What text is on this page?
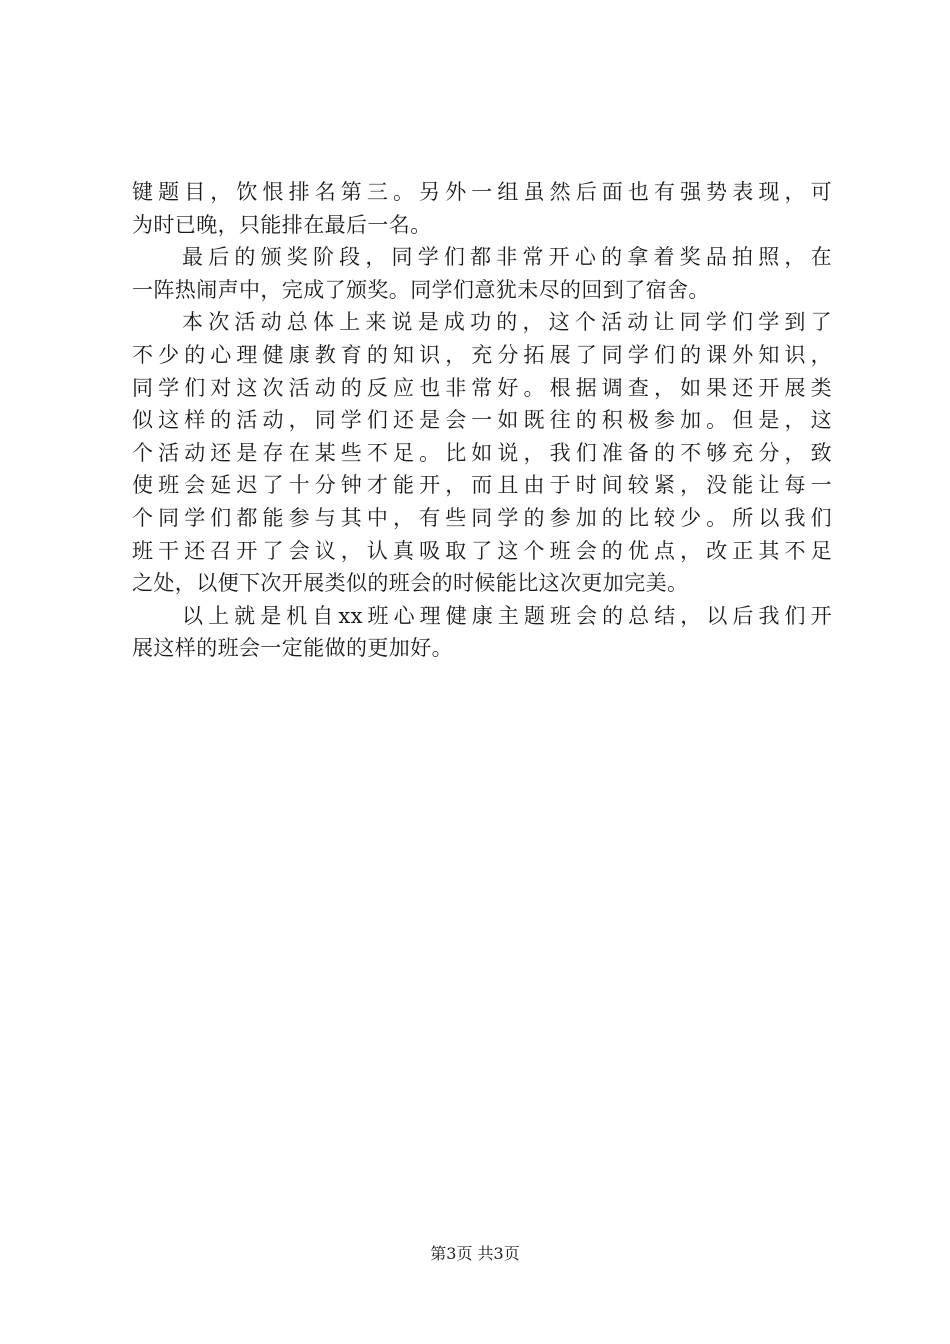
键题目，饮恨排名第三。另外一组虽然后面也有强势表现，可
为时已晚，只能排在最后一名。
最后的颁奖阶段，同学们都非常开心的拿着奖品拍照，在
一阵热闹声中，完成了颁奖。同学们意犹未尽的回到了宿舍。
本次活动总体上来说是成功的，这个活动让同学们学到了
不少的心理健康教育的知识，充分拓展了同学们的课外知识，
同学们对这次活动的反应也非常好。根据调查，如果还开展类
似这样的活动，同学们还是会一如既往的积极参加。但是，这
个活动还是存在某些不足。比如说，我们准备的不够充分，致
使班会延迟了十分钟才能开，而且由于时间较紧，没能让每一
个同学们都能参与其中，有些同学的参加的比较少。所以我们
班干还召开了会议，认真吸取了这个班会的优点，改正其不足
之处，以便下次开展类似的班会的时候能比这次更加完美。
以上就是机自xx班心理健康主题班会的总结，以后我们开
展这样的班会一定能做的更加好。
第3页 共3页
